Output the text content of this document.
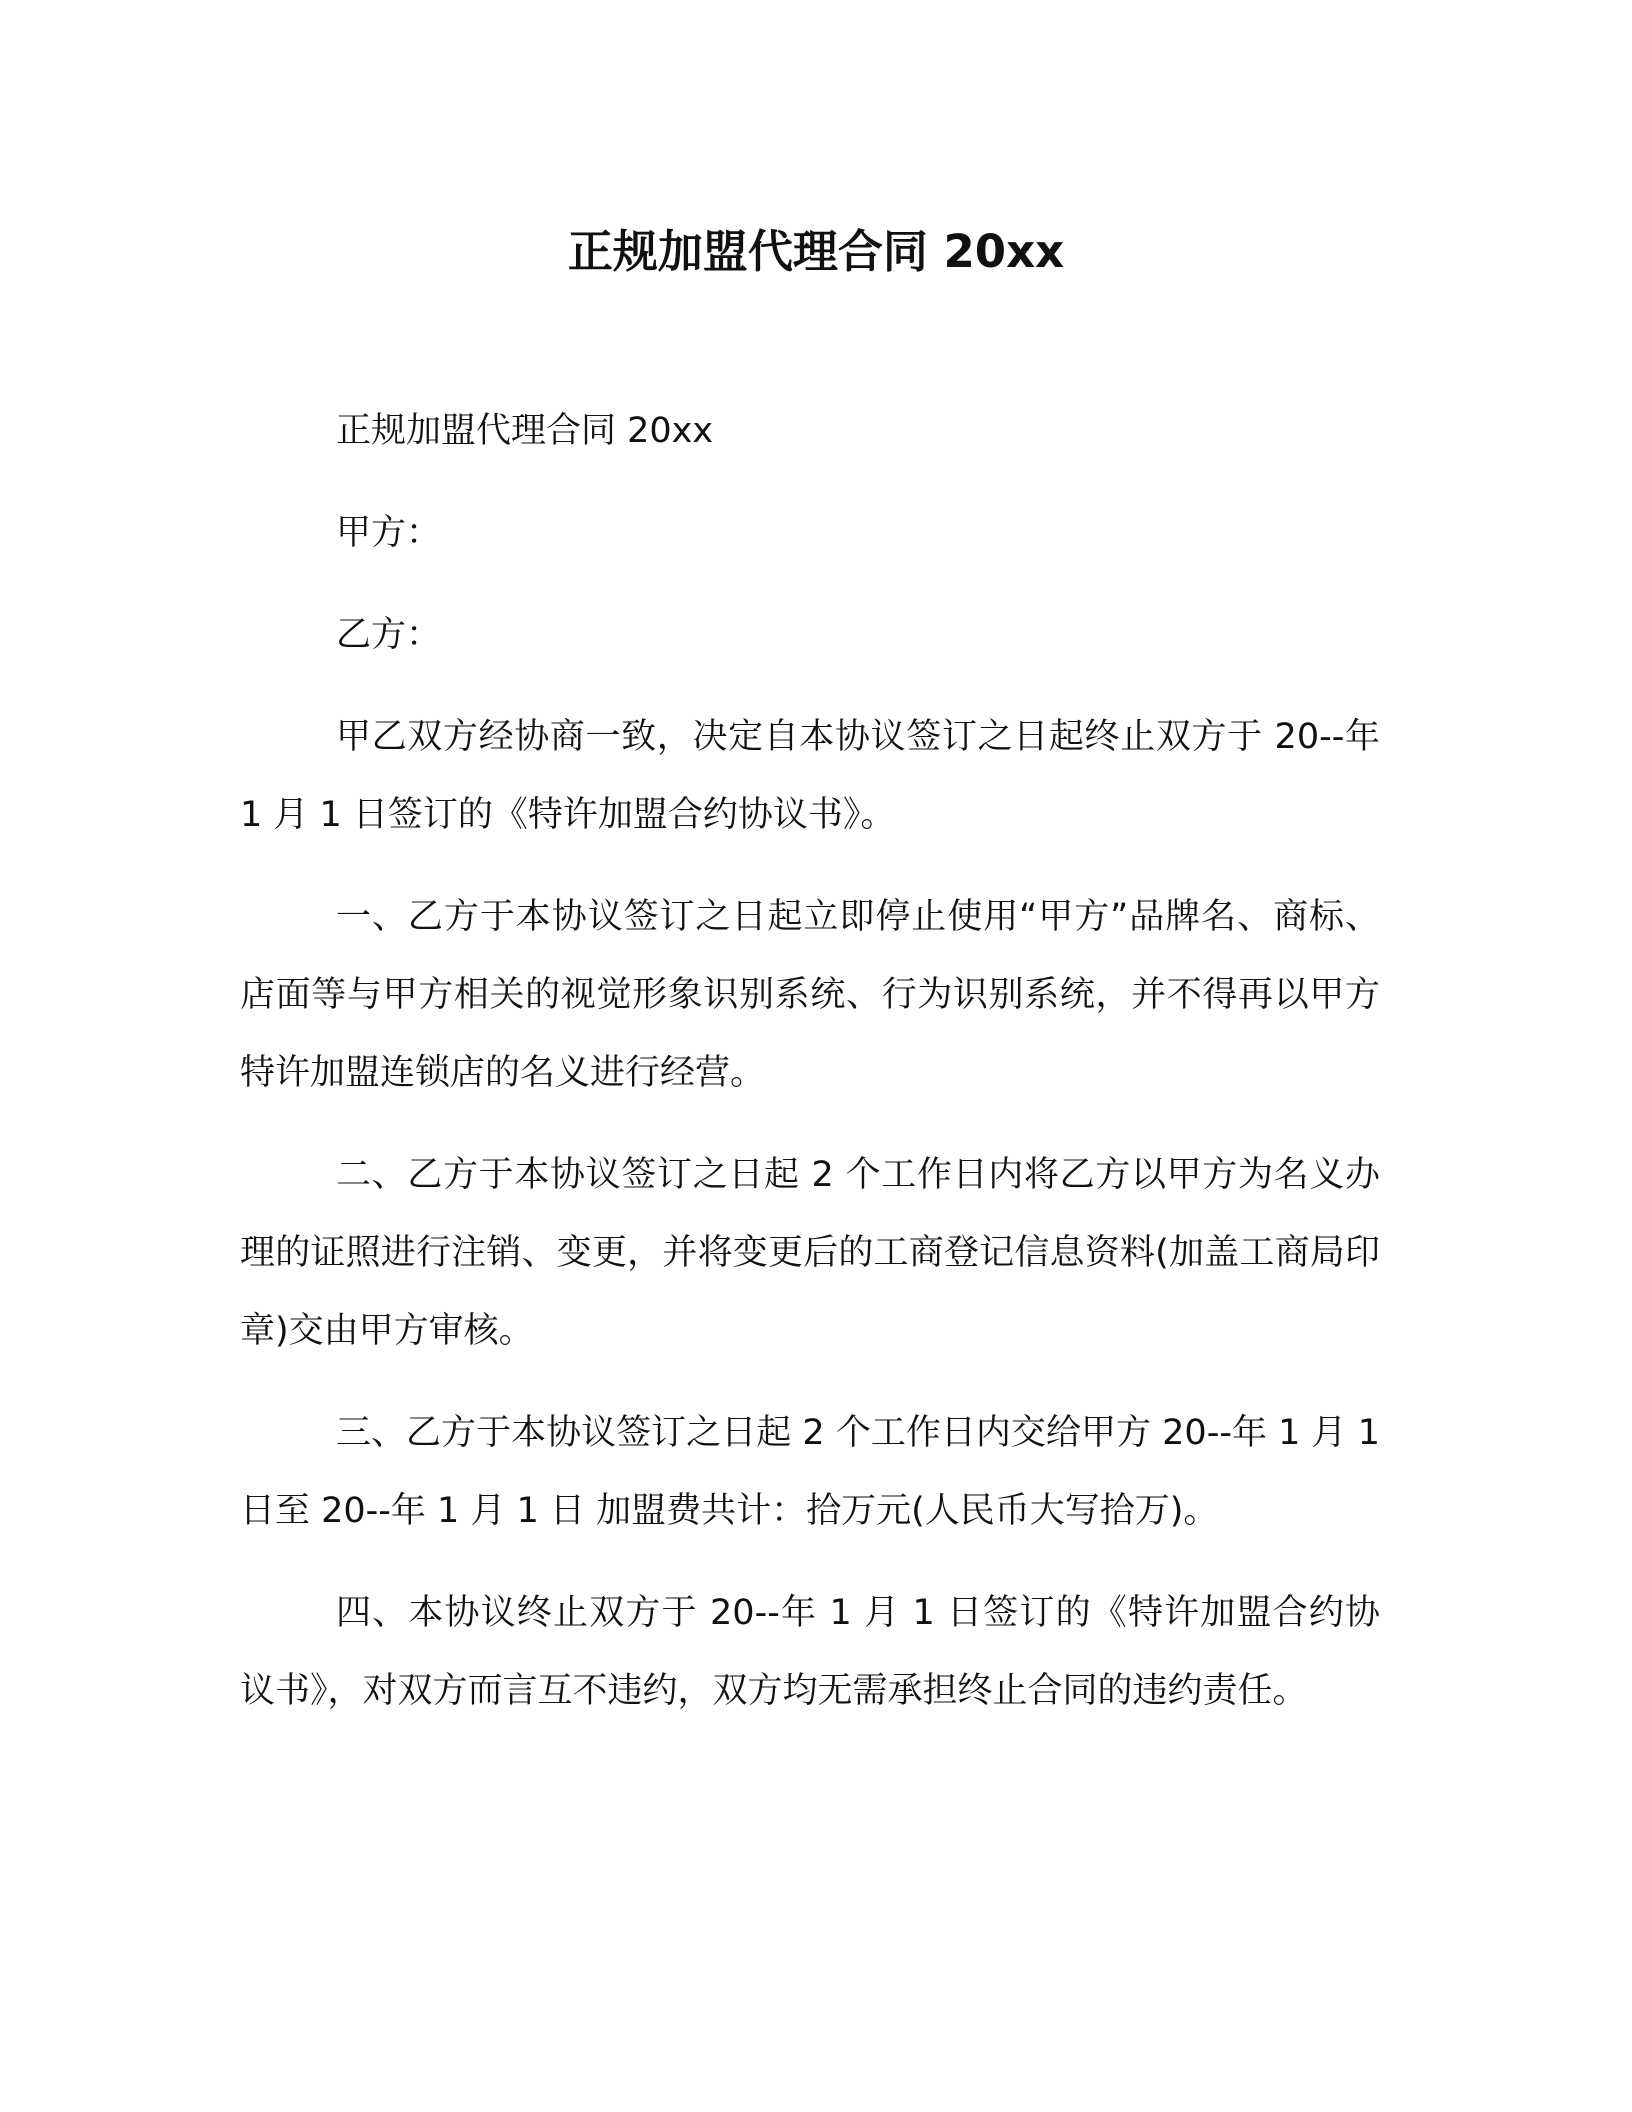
正规加盟代理合同 20xx

正规加盟代理合同 20xx

甲方：

乙方：

甲乙双方经协商一致，决定自本协议签订之日起终止双方于 20--年 1 月 1 日签订的《特许加盟合约协议书》。

一、乙方于本协议签订之日起立即停止使用“甲方”品牌名、商标、店面等与甲方相关的视觉形象识别系统、行为识别系统，并不得再以甲方特许加盟连锁店的名义进行经营。

二、乙方于本协议签订之日起 2 个工作日内将乙方以甲方为名义办理的证照进行注销、变更，并将变更后的工商登记信息资料(加盖工商局印章)交由甲方审核。

三、乙方于本协议签订之日起 2 个工作日内交给甲方 20--年 1 月 1 日至 20--年 1 月 1 日 加盟费共计：拾万元(人民币大写拾万)。

四、本协议终止双方于 20--年 1 月 1 日签订的《特许加盟合约协议书》，对双方而言互不违约，双方均无需承担终止合同的违约责任。
